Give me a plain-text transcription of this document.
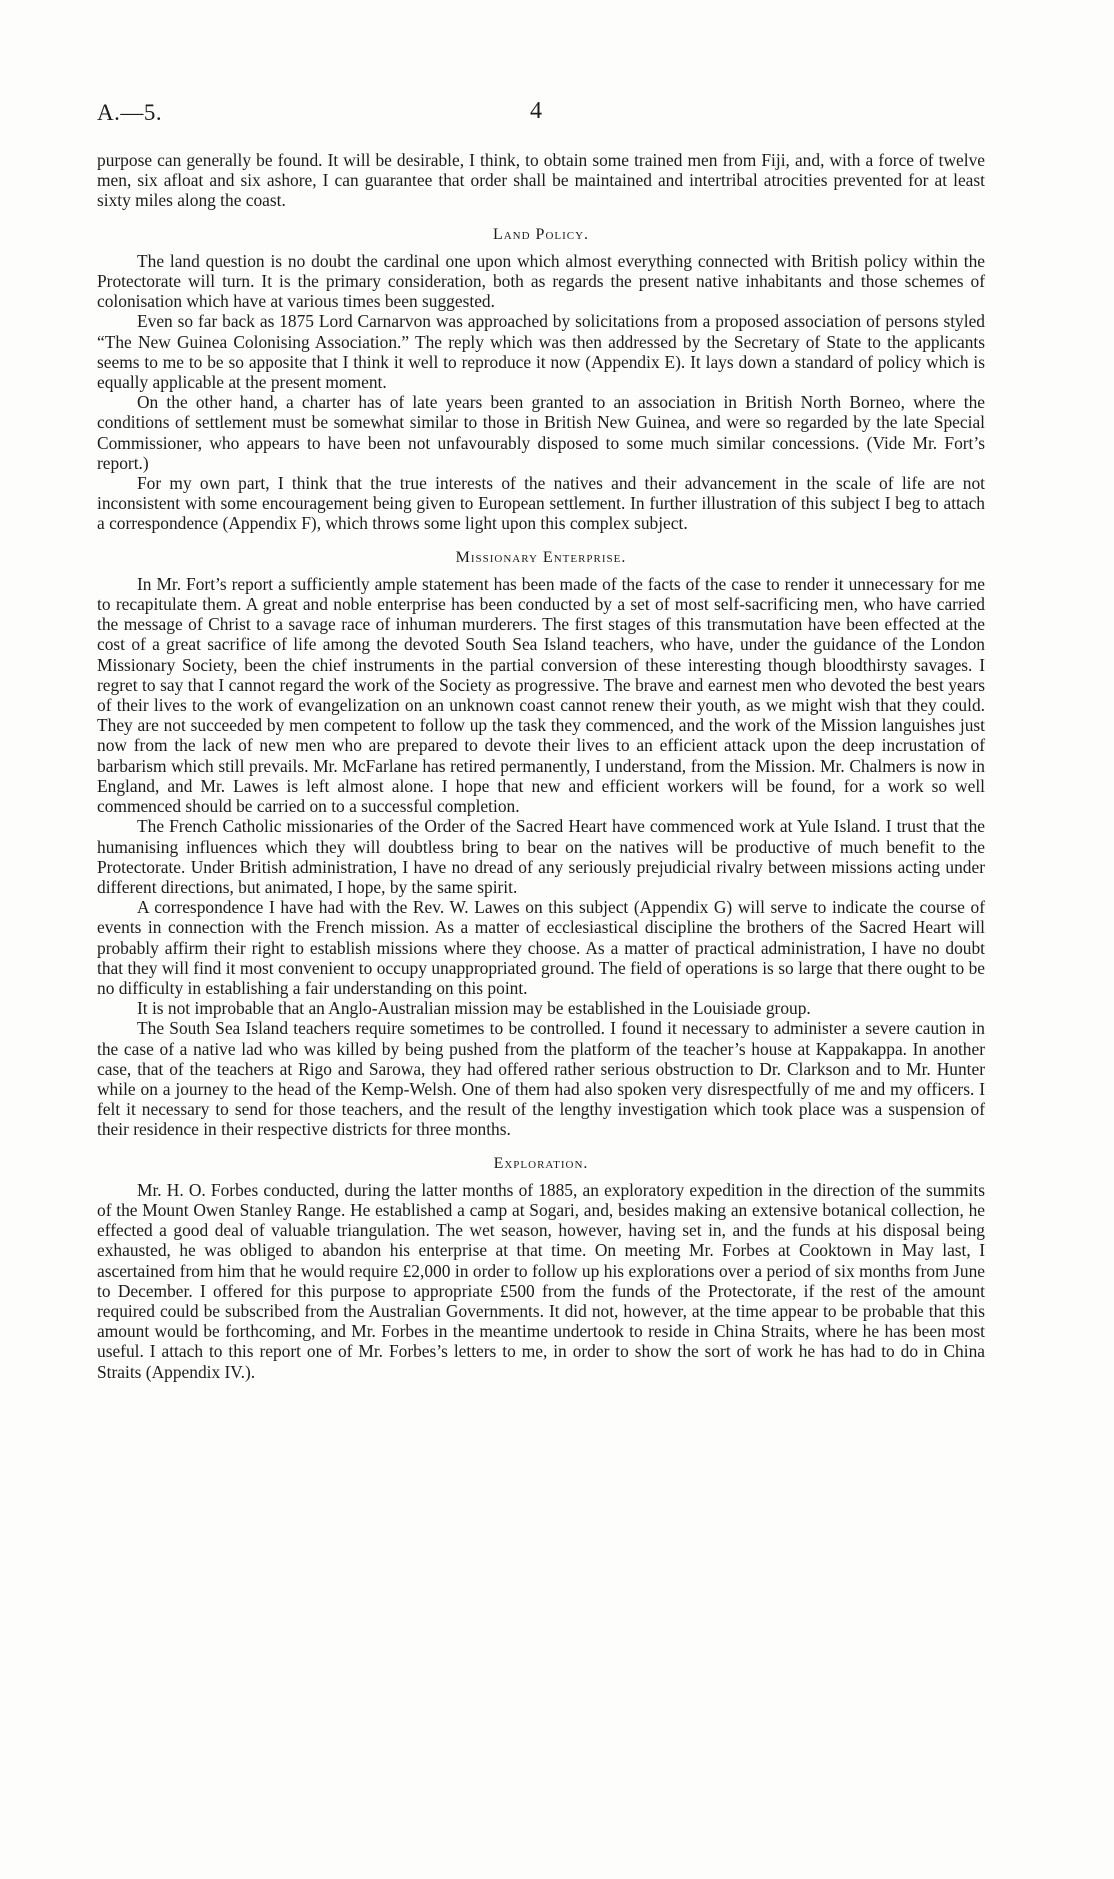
A.—5.	4

purpose can generally be found. It will be desirable, I think, to obtain some trained men from Fiji, and, with a force of twelve men, six afloat and six ashore, I can guarantee that order shall be maintained and intertribal atrocities prevented for at least sixty miles along the coast.

Land Policy.

The land question is no doubt the cardinal one upon which almost everything connected with British policy within the Protectorate will turn. It is the primary consideration, both as regards the present native inhabitants and those schemes of colonisation which have at various times been suggested.

Even so far back as 1875 Lord Carnarvon was approached by solicitations from a proposed association of persons styled “The New Guinea Colonising Association.” The reply which was then addressed by the Secretary of State to the applicants seems to me to be so apposite that I think it well to reproduce it now (Appendix E). It lays down a standard of policy which is equally applicable at the present moment.

On the other hand, a charter has of late years been granted to an association in British North Borneo, where the conditions of settlement must be somewhat similar to those in British New Guinea, and were so regarded by the late Special Commissioner, who appears to have been not unfavourably disposed to some much similar concessions. (Vide Mr. Fort’s report.)

For my own part, I think that the true interests of the natives and their advancement in the scale of life are not inconsistent with some encouragement being given to European settlement. In further illustration of this subject I beg to attach a correspondence (Appendix F), which throws some light upon this complex subject.

Missionary Enterprise.

In Mr. Fort’s report a sufficiently ample statement has been made of the facts of the case to render it unnecessary for me to recapitulate them. A great and noble enterprise has been conducted by a set of most self-sacrificing men, who have carried the message of Christ to a savage race of inhuman murderers. The first stages of this transmutation have been effected at the cost of a great sacrifice of life among the devoted South Sea Island teachers, who have, under the guidance of the London Missionary Society, been the chief instruments in the partial conversion of these interesting though bloodthirsty savages. I regret to say that I cannot regard the work of the Society as progressive. The brave and earnest men who devoted the best years of their lives to the work of evangelization on an unknown coast cannot renew their youth, as we might wish that they could. They are not succeeded by men competent to follow up the task they commenced, and the work of the Mission languishes just now from the lack of new men who are prepared to devote their lives to an efficient attack upon the deep incrustation of barbarism which still prevails. Mr. McFarlane has retired permanently, I understand, from the Mission. Mr. Chalmers is now in England, and Mr. Lawes is left almost alone. I hope that new and efficient workers will be found, for a work so well commenced should be carried on to a successful completion.

The French Catholic missionaries of the Order of the Sacred Heart have commenced work at Yule Island. I trust that the humanising influences which they will doubtless bring to bear on the natives will be productive of much benefit to the Protectorate. Under British administration, I have no dread of any seriously prejudicial rivalry between missions acting under different directions, but animated, I hope, by the same spirit.

A correspondence I have had with the Rev. W. Lawes on this subject (Appendix G) will serve to indicate the course of events in connection with the French mission. As a matter of ecclesiastical discipline the brothers of the Sacred Heart will probably affirm their right to establish missions where they choose. As a matter of practical administration, I have no doubt that they will find it most convenient to occupy unappropriated ground. The field of operations is so large that there ought to be no difficulty in establishing a fair understanding on this point.

It is not improbable that an Anglo-Australian mission may be established in the Louisiade group.

The South Sea Island teachers require sometimes to be controlled. I found it necessary to administer a severe caution in the case of a native lad who was killed by being pushed from the platform of the teacher’s house at Kappakappa. In another case, that of the teachers at Rigo and Sarowa, they had offered rather serious obstruction to Dr. Clarkson and to Mr. Hunter while on a journey to the head of the Kemp-Welsh. One of them had also spoken very disrespectfully of me and my officers. I felt it necessary to send for those teachers, and the result of the lengthy investigation which took place was a suspension of their residence in their respective districts for three months.

Exploration.

Mr. H. O. Forbes conducted, during the latter months of 1885, an exploratory expedition in the direction of the summits of the Mount Owen Stanley Range. He established a camp at Sogari, and, besides making an extensive botanical collection, he effected a good deal of valuable triangulation. The wet season, however, having set in, and the funds at his disposal being exhausted, he was obliged to abandon his enterprise at that time. On meeting Mr. Forbes at Cooktown in May last, I ascertained from him that he would require £2,000 in order to follow up his explorations over a period of six months from June to December. I offered for this purpose to appropriate £500 from the funds of the Protectorate, if the rest of the amount required could be subscribed from the Australian Governments. It did not, however, at the time appear to be probable that this amount would be forthcoming, and Mr. Forbes in the meantime undertook to reside in China Straits, where he has been most useful. I attach to this report one of Mr. Forbes’s letters to me, in order to show the sort of work he has had to do in China Straits (Appendix IV.).
